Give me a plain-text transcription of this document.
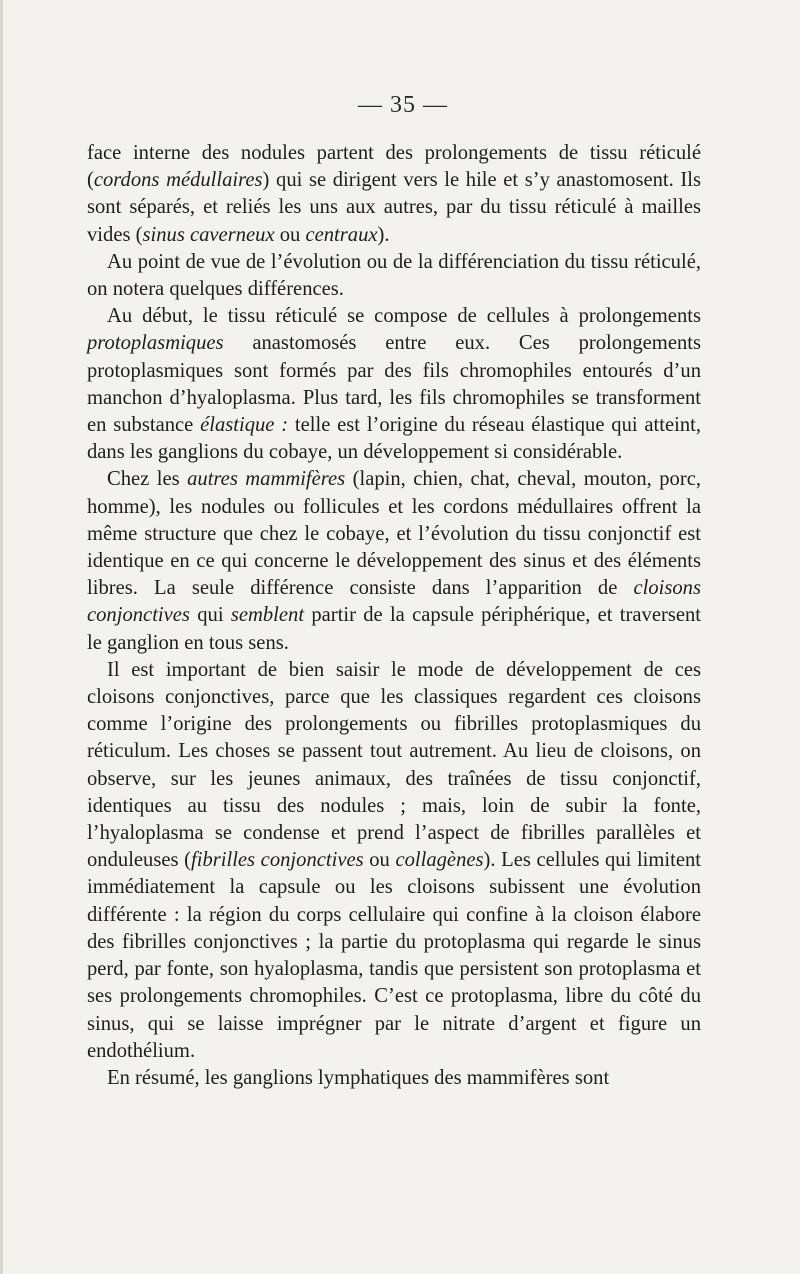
— 35 —

face interne des nodules partent des prolongements de tissu réticulé (cordons médullaires) qui se dirigent vers le hile et s’y anastomosent. Ils sont séparés, et reliés les uns aux autres, par du tissu réticulé à mailles vides (sinus caverneux ou centraux).

Au point de vue de l’évolution ou de la différenciation du tissu réticulé, on notera quelques différences.

Au début, le tissu réticulé se compose de cellules à prolongements protoplasmiques anastomosés entre eux. Ces prolongements protoplasmiques sont formés par des fils chromophiles entourés d’un manchon d’hyaloplasma. Plus tard, les fils chromophiles se transforment en substance élastique : telle est l’origine du réseau élastique qui atteint, dans les ganglions du cobaye, un développement si considérable.

Chez les autres mammifères (lapin, chien, chat, cheval, mouton, porc, homme), les nodules ou follicules et les cordons médullaires offrent la même structure que chez le cobaye, et l’évolution du tissu conjonctif est identique en ce qui concerne le développement des sinus et des éléments libres. La seule différence consiste dans l’apparition de cloisons conjonctives qui semblent partir de la capsule périphérique, et traversent le ganglion en tous sens.

Il est important de bien saisir le mode de développement de ces cloisons conjonctives, parce que les classiques regardent ces cloisons comme l’origine des prolongements ou fibrilles protoplasmiques du réticulum. Les choses se passent tout autrement. Au lieu de cloisons, on observe, sur les jeunes animaux, des traînées de tissu conjonctif, identiques au tissu des nodules ; mais, loin de subir la fonte, l’hyaloplasma se condense et prend l’aspect de fibrilles parallèles et onduleuses (fibrilles conjonctives ou collagènes). Les cellules qui limitent immédiatement la capsule ou les cloisons subissent une évolution différente : la région du corps cellulaire qui confine à la cloison élabore des fibrilles conjonctives ; la partie du protoplasma qui regarde le sinus perd, par fonte, son hyaloplasma, tandis que persistent son protoplasma et ses prolongements chromophiles. C’est ce protoplasma, libre du côté du sinus, qui se laisse imprégner par le nitrate d’argent et figure un endothélium.

En résumé, les ganglions lymphatiques des mammifères sont
